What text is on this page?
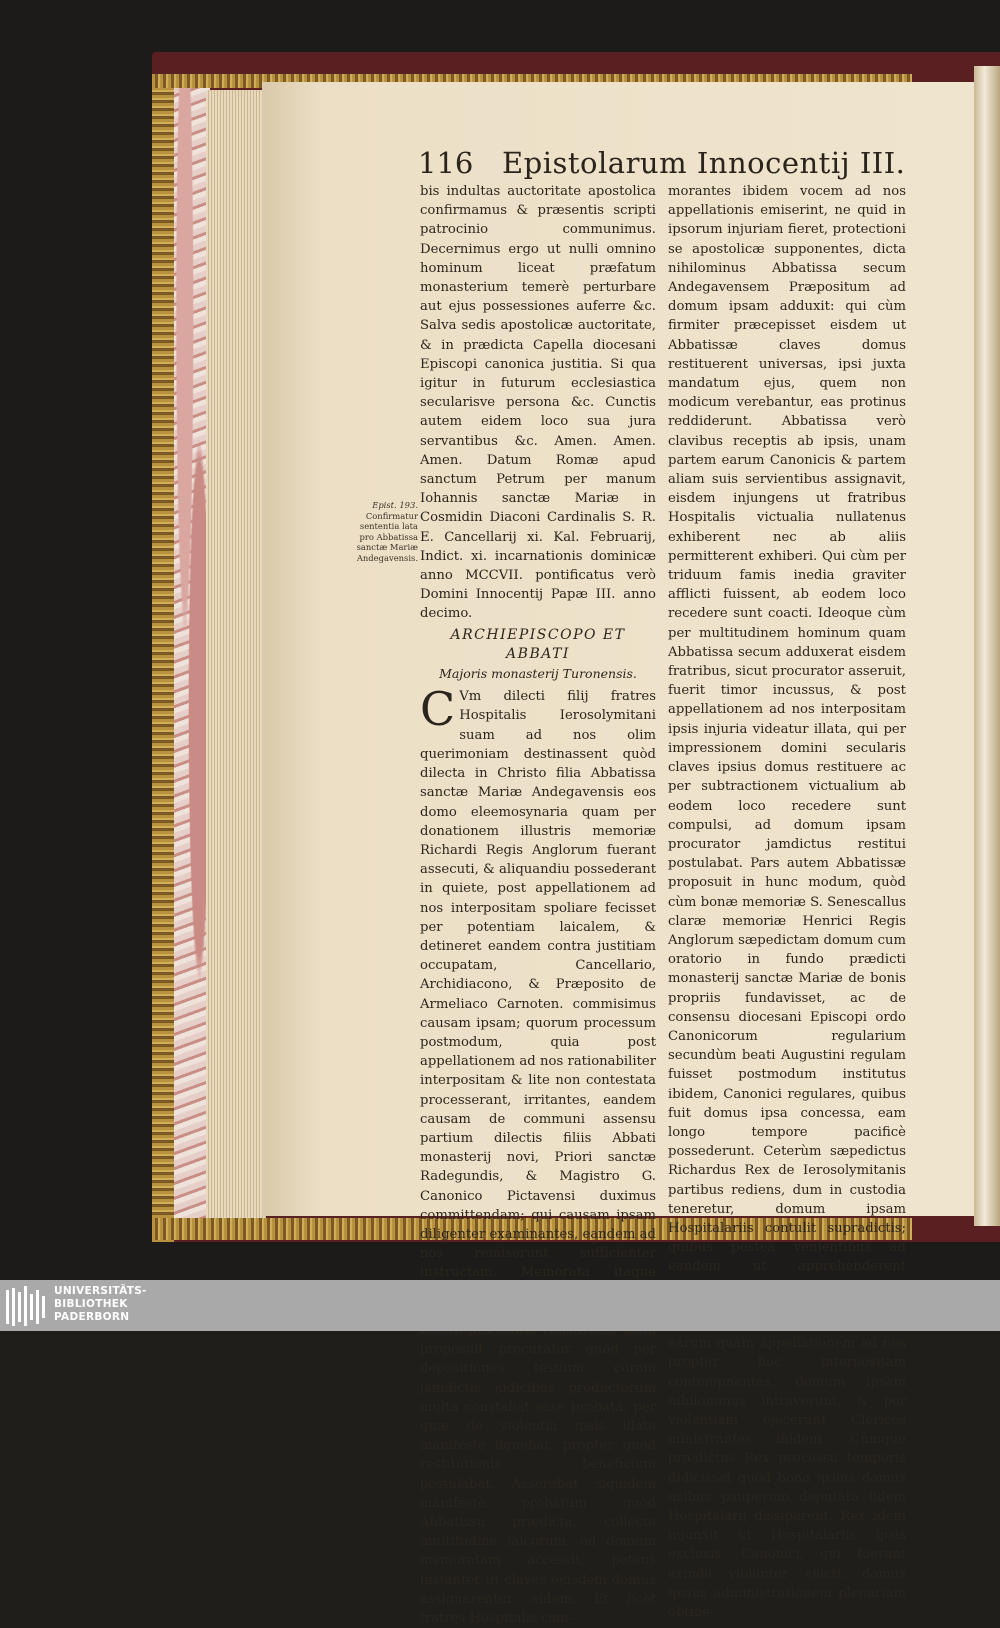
116 Epistolarum Innocentij III.
Epist. 193.
Confirmatur sententia lata pro Abbatissa sanctæ Mariæ Andegavensis.

bis indultas auctoritate apostolica confirmamus & præsentis scripti patrocinio communimus. Decernimus ergo ut nulli omnino hominum liceat præfatum monasterium temerè perturbare aut ejus possessiones auferre &c. Salva sedis apostolicæ auctoritate, & in prædicta Capella diocesani Episcopi canonica justitia. Si qua igitur in futurum ecclesiastica secularisve persona &c. Cunctis autem eidem loco sua jura servantibus &c. Amen. Amen. Amen. Datum Romæ apud sanctum Petrum per manum Iohannis sanctæ Mariæ in Cosmidin Diaconi Cardinalis S. R. E. Cancellarij xi. Kal. Februarij, Indict. xi. incarnationis dominicæ anno MCCVII. pontificatus verò Domini Innocentij Papæ III. anno decimo.

ARCHIEPISCOPO ET ABBATI
Majoris monasterij Turonensis.

C Vm dilecti filij fratres Hospitalis Ierosolymitani suam ad nos olim querimoniam destinassent quòd dilecta in Christo filia Abbatissa sanctæ Mariæ Andegavensis eos domo eleemosynaria quam per donationem illustris memoriæ Richardi Regis Anglorum fuerant assecuti, & aliquandiu possederant in quiete, post appellationem ad nos interpositam spoliare fecisset per potentiam laicalem, & detineret eandem contra justitiam occupatam, Cancellario, Archidiacono, & Præposito de Armeliaco Carnoten. commisimus causam ipsam; quorum processum postmodum, quia post appellationem ad nos rationabiliter interpositam & lite non contestata processerant, irritantes, eandem causam de communi assensu partium dilectis filiis Abbati monasterij novi, Priori sanctæ Radegundis, & Magistro G. Canonico Pictavensi duximus committendam; qui causam ipsam diligenter examinantes, eandem ad nos remiserunt sufficienter instructam. Memorata itaque proposuit procurator quòd per depositiones testium coram jamdictis judicibus productorum multa constabat esse probata, per quæ de violentia ipsis illata manifestè liquebat, propter quod restitutionis beneficium postulabat. Asserebat siquidem manifestè probatum quòd Abbatissa prædicta, collecta multitudine laicorum, ad domum memoratam accessit, petens instanter ut claves ejusdem domus assignarentur eidem. Et licèt fratres Hospitalis com-

morantes ibidem vocem ad nos appellationis emiserint, ne quid in ipsorum injuriam fieret, protectioni se apostolicæ supponentes, dicta nihilominus Abbatissa secum Andegavensem Præpositum ad domum ipsam adduxit: qui cùm firmiter præcepisset eisdem ut Abbatissæ claves domus restituerent universas, ipsi juxta mandatum ejus, quem non modicum verebantur, eas protinus reddiderunt. Abbatissa verò clavibus receptis ab ipsis, unam partem earum Canonicis & partem aliam suis servientibus assignavit, eisdem injungens ut fratribus Hospitalis victualia nullatenus exhiberent nec ab aliis permitterent exhiberi. Qui cùm per triduum famis inedia graviter afflicti fuissent, ab eodem loco recedere sunt coacti. Ideoque cùm per multitudinem hominum quam Abbatissa secum adduxerat eisdem fratribus, sicut procurator asseruit, fuerit timor incussus, & post appellationem ad nos interpositam ipsis injuria videatur illata, qui per impressionem domini secularis claves ipsius domus restituere ac per subtractionem victualium ab eodem loco recedere sunt compulsi, ad domum ipsam procurator jamdictus restitui postulabat. Pars autem Abbatissæ proposuit in hunc modum, quòd cùm bonæ memoriæ S. Senescallus claræ memoriæ Henrici Regis Anglorum sæpedictam domum cum oratorio in fundo prædicti monasterij sanctæ Mariæ de bonis propriis fundavisset, ac de consensu diocesani Episcopi ordo Canonicorum regularium secundùm beati Augustini regulam fuisset postmodum institutus ibidem, Canonici regulares, quibus fuit domus ipsa concessa, eam longo tempore pacificè possederunt. Ceterùm sæpedictus Richardus Rex de Ierosolymitanis partibus rediens, dum in custodia teneretur, domum ipsam Hospitalariis contulit supradictis; quibus postea venientibus ad eandem ut apprehenderent earum quàm appellationem ad nos propter hoc interpositam contempnentes, domum ipsam nihilominus intraverunt, & per violentiam ejecerunt Clericos ministrantes ibidem. Cùmque prædictus Rex processu temporis didicisset quòd bona ipsius domus usibus pauperum deputata iidem Hospitalarij dissiparent, Rex idem injunxit ut Hospitalariis ipsis exclusis, Canonici, qui fuerant exinde violenter ejecti, domus ipsius administrationem plenariam obtine-

UNIVERSITÄTS-
BIBLIOTHEK
PADERBORN
